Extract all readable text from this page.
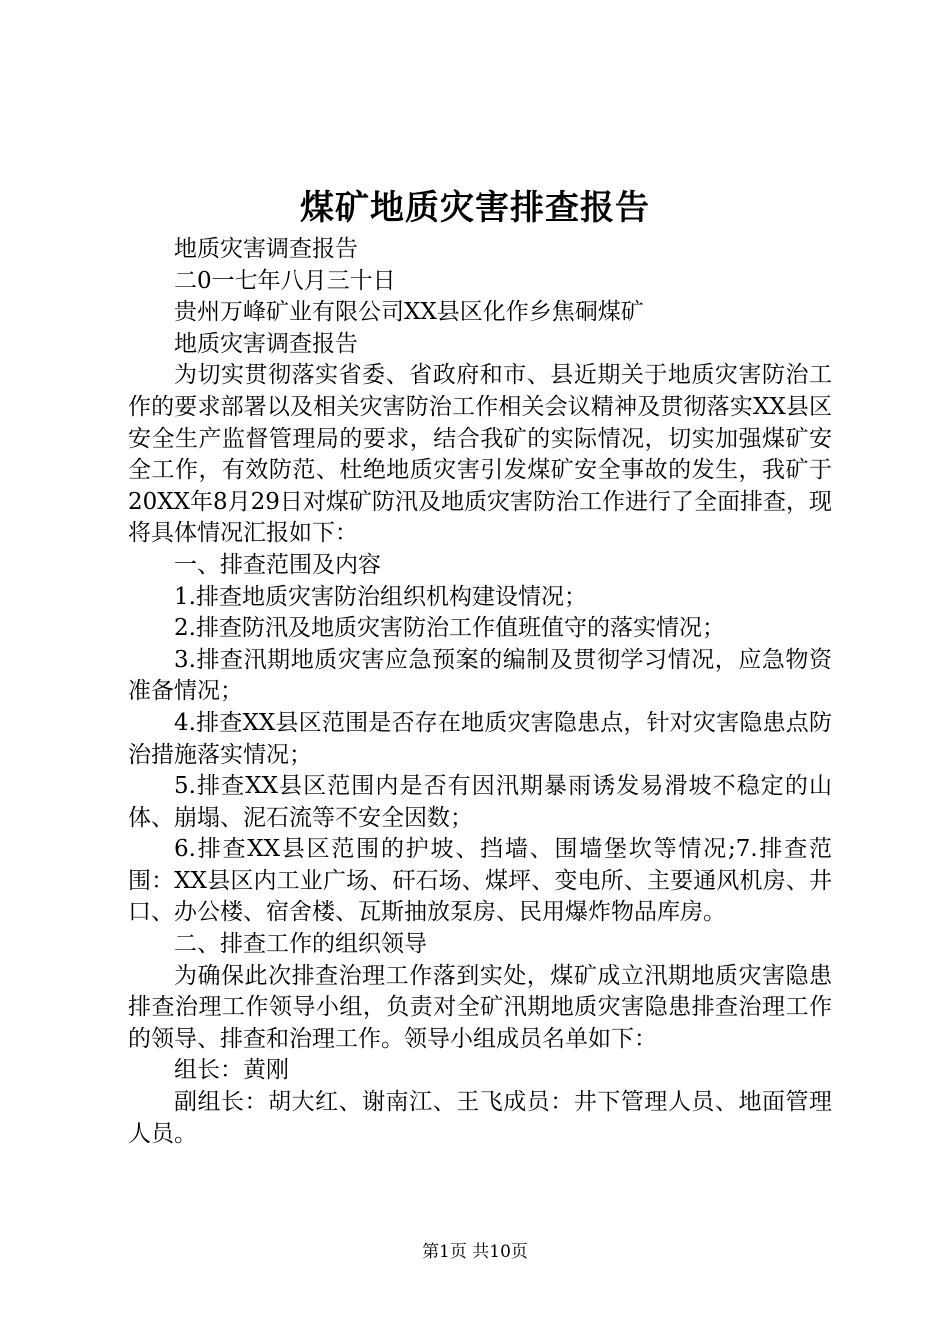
煤矿地质灾害排查报告

地质灾害调查报告

二0一七年八月三十日

贵州万峰矿业有限公司XX县区化作乡焦硐煤矿

地质灾害调查报告

为切实贯彻落实省委、省政府和市、县近期关于地质灾害防治工作的要求部署以及相关灾害防治工作相关会议精神及贯彻落实XX县区安全生产监督管理局的要求，结合我矿的实际情况，切实加强煤矿安全工作，有效防范、杜绝地质灾害引发煤矿安全事故的发生，我矿于20XX年8月29日对煤矿防汛及地质灾害防治工作进行了全面排查，现将具体情况汇报如下：

一、排查范围及内容

1.排查地质灾害防治组织机构建设情况；

2.排查防汛及地质灾害防治工作值班值守的落实情况；

3.排查汛期地质灾害应急预案的编制及贯彻学习情况，应急物资准备情况；

4.排查XX县区范围是否存在地质灾害隐患点，针对灾害隐患点防治措施落实情况；

5.排查XX县区范围内是否有因汛期暴雨诱发易滑坡不稳定的山体、崩塌、泥石流等不安全因数；

6.排查XX县区范围的护坡、挡墙、围墙堡坎等情况;7.排查范围：XX县区内工业广场、矸石场、煤坪、变电所、主要通风机房、井口、办公楼、宿舍楼、瓦斯抽放泵房、民用爆炸物品库房。

二、排查工作的组织领导

为确保此次排查治理工作落到实处，煤矿成立汛期地质灾害隐患排查治理工作领导小组，负责对全矿汛期地质灾害隐患排查治理工作的领导、排查和治理工作。领导小组成员名单如下：

组长：黄刚

副组长：胡大红、谢南江、王飞成员：井下管理人员、地面管理人员。

第1页 共10页
